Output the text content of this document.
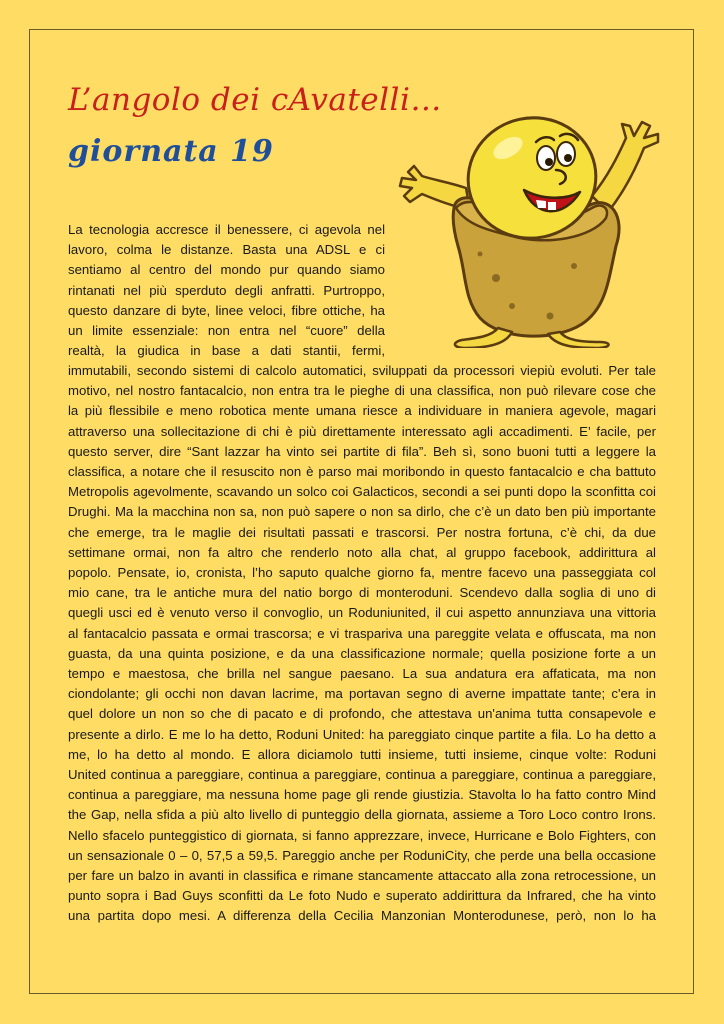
L’angolo dei cAvatelli…
giornata 19

La tecnologia accresce il benessere, ci agevola nel
lavoro, colma le distanze. Basta una ADSL e ci
sentiamo al centro del mondo pur quando siamo
rintanati nel più sperduto degli anfratti. Purtroppo,
questo danzare di byte, linee veloci, fibre ottiche, ha
un limite essenziale: non entra nel “cuore” della
realtà, la giudica in base a dati stantii, fermi,

immutabili, secondo sistemi di calcolo automatici, sviluppati da processori viepiù evoluti. Per tale
motivo, nel nostro fantacalcio, non entra tra le pieghe di una classifica, non può rilevare cose che
la più flessibile e meno robotica mente umana riesce a individuare in maniera agevole, magari
attraverso una sollecitazione di chi è più direttamente interessato agli accadimenti. E’ facile, per
questo server, dire “Sant lazzar ha vinto sei partite di fila”. Beh sì, sono buoni tutti a leggere la
classifica, a notare che il resuscito non è parso mai moribondo in questo fantacalcio e cha battuto
Metropolis agevolmente, scavando un solco coi Galacticos, secondi a sei punti dopo la sconfitta coi
Drughi. Ma la macchina non sa, non può sapere o non sa dirlo, che c’è un dato ben più importante
che emerge, tra le maglie dei risultati passati e trascorsi. Per nostra fortuna, c’è chi, da due
settimane ormai, non fa altro che renderlo noto alla chat, al gruppo facebook, addirittura al
popolo. Pensate, io, cronista, l’ho saputo qualche giorno fa, mentre facevo una passeggiata col
mio cane, tra le antiche mura del natio borgo di monteroduni. Scendevo dalla soglia di uno di
quegli usci ed è venuto verso il convoglio, un Roduniunited, il cui aspetto annunziava una vittoria
al fantacalcio passata e ormai trascorsa; e vi traspariva una pareggite velata e offuscata, ma non
guasta, da una quinta posizione, e da una classificazione normale; quella posizione forte a un
tempo e maestosa, che brilla nel sangue paesano. La sua andatura era affaticata, ma non
ciondolante; gli occhi non davan lacrime, ma portavan segno di averne impattate tante; c'era in
quel dolore un non so che di pacato e di profondo, che attestava un'anima tutta consapevole e
presente a dirlo. E me lo ha detto, Roduni United: ha pareggiato cinque partite a fila. Lo ha detto a
me, lo ha detto al mondo. E allora diciamolo tutti insieme, tutti insieme, cinque volte: Roduni
United continua a pareggiare, continua a pareggiare, continua a pareggiare, continua a pareggiare,
continua a pareggiare, ma nessuna home page gli rende giustizia. Stavolta lo ha fatto contro Mind
the Gap, nella sfida a più alto livello di punteggio della giornata, assieme a Toro Loco contro Irons.
Nello sfacelo punteggistico di giornata, si fanno apprezzare, invece, Hurricane e Bolo Fighters, con
un sensazionale 0 – 0, 57,5 a 59,5. Pareggio anche per RoduniCity, che perde una bella occasione
per fare un balzo in avanti in classifica e rimane stancamente attaccato alla zona retrocessione, un
punto sopra i Bad Guys sconfitti da Le foto Nudo e superato addirittura da Infrared, che ha vinto
una partita dopo mesi. A differenza della Cecilia Manzonian Monterodunese, però, non lo ha
